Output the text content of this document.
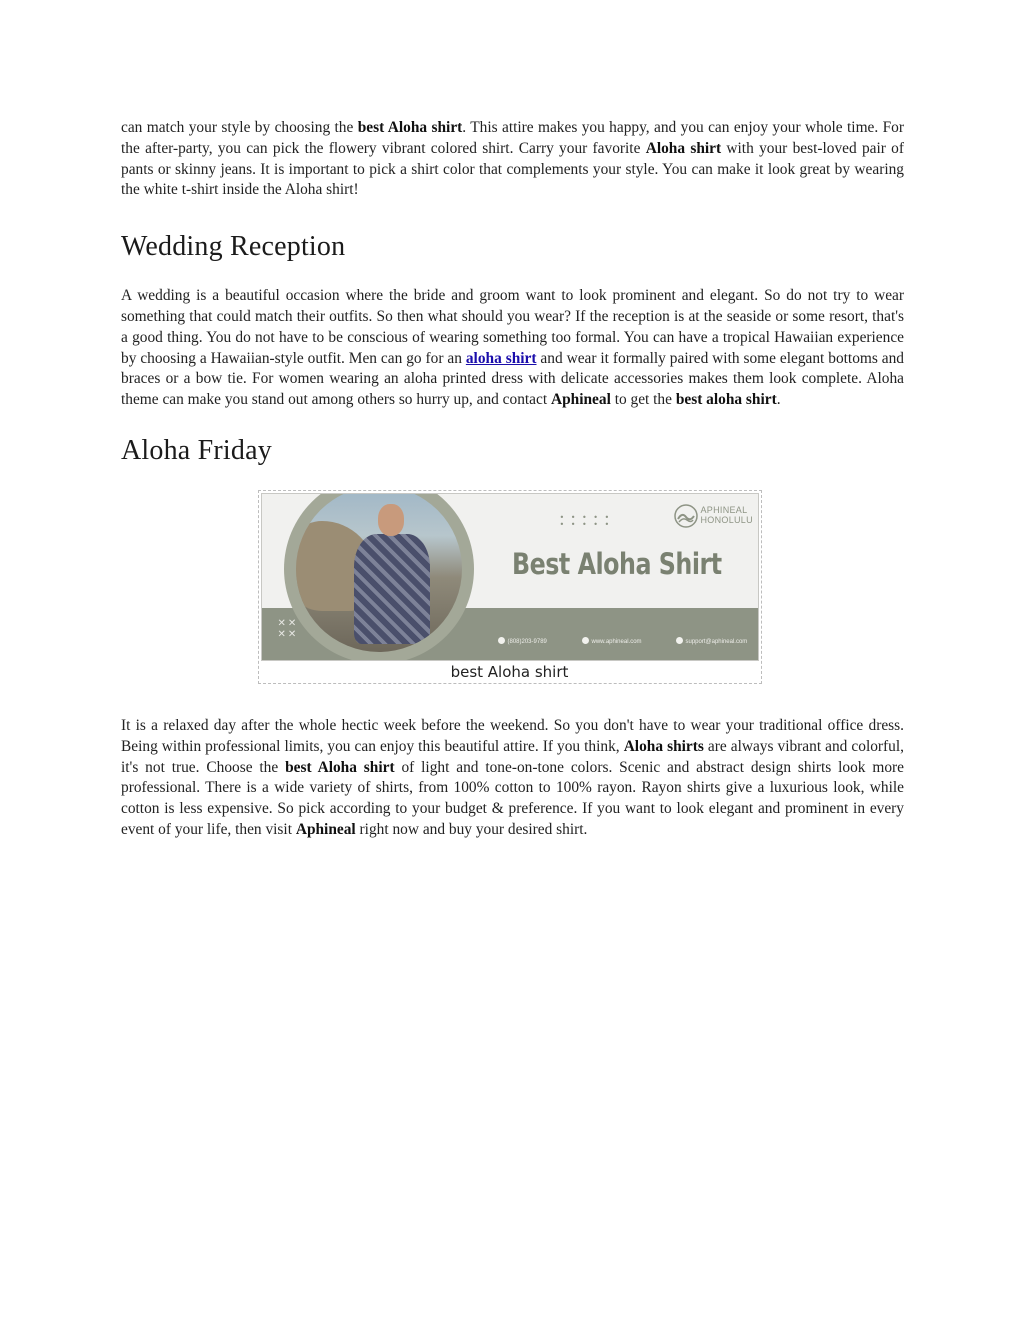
can match your style by choosing the best Aloha shirt. This attire makes you happy, and you can enjoy your whole time. For the after-party, you can pick the flowery vibrant colored shirt. Carry your favorite Aloha shirt with your best-loved pair of pants or skinny jeans. It is important to pick a shirt color that complements your style. You can make it look great by wearing the white t-shirt inside the Aloha shirt!

Wedding Reception

A wedding is a beautiful occasion where the bride and groom want to look prominent and elegant. So do not try to wear something that could match their outfits. So then what should you wear? If the reception is at the seaside or some resort, that's a good thing. You do not have to be conscious of wearing something too formal. You can have a tropical Hawaiian experience by choosing a Hawaiian-style outfit. Men can go for an aloha shirt and wear it formally paired with some elegant bottoms and braces or a bow tie. For women wearing an aloha printed dress with delicate accessories makes them look complete. Aloha theme can make you stand out among others so hurry up, and contact Aphineal to get the best aloha shirt.

Aloha Friday
✕✕
✕✕
• • • • •
• • • • •
APHINEAL
HONOLULU
Best Aloha Shirt
(808)203-9789	www.aphineal.com	support@aphineal.com
best Aloha shirt

It is a relaxed day after the whole hectic week before the weekend. So you don't have to wear your traditional office dress. Being within professional limits, you can enjoy this beautiful attire. If you think, Aloha shirts are always vibrant and colorful, it's not true. Choose the best Aloha shirt of light and tone-on-tone colors. Scenic and abstract design shirts look more professional. There is a wide variety of shirts, from 100% cotton to 100% rayon. Rayon shirts give a luxurious look, while cotton is less expensive. So pick according to your budget & preference. If you want to look elegant and prominent in every event of your life, then visit Aphineal right now and buy your desired shirt.
